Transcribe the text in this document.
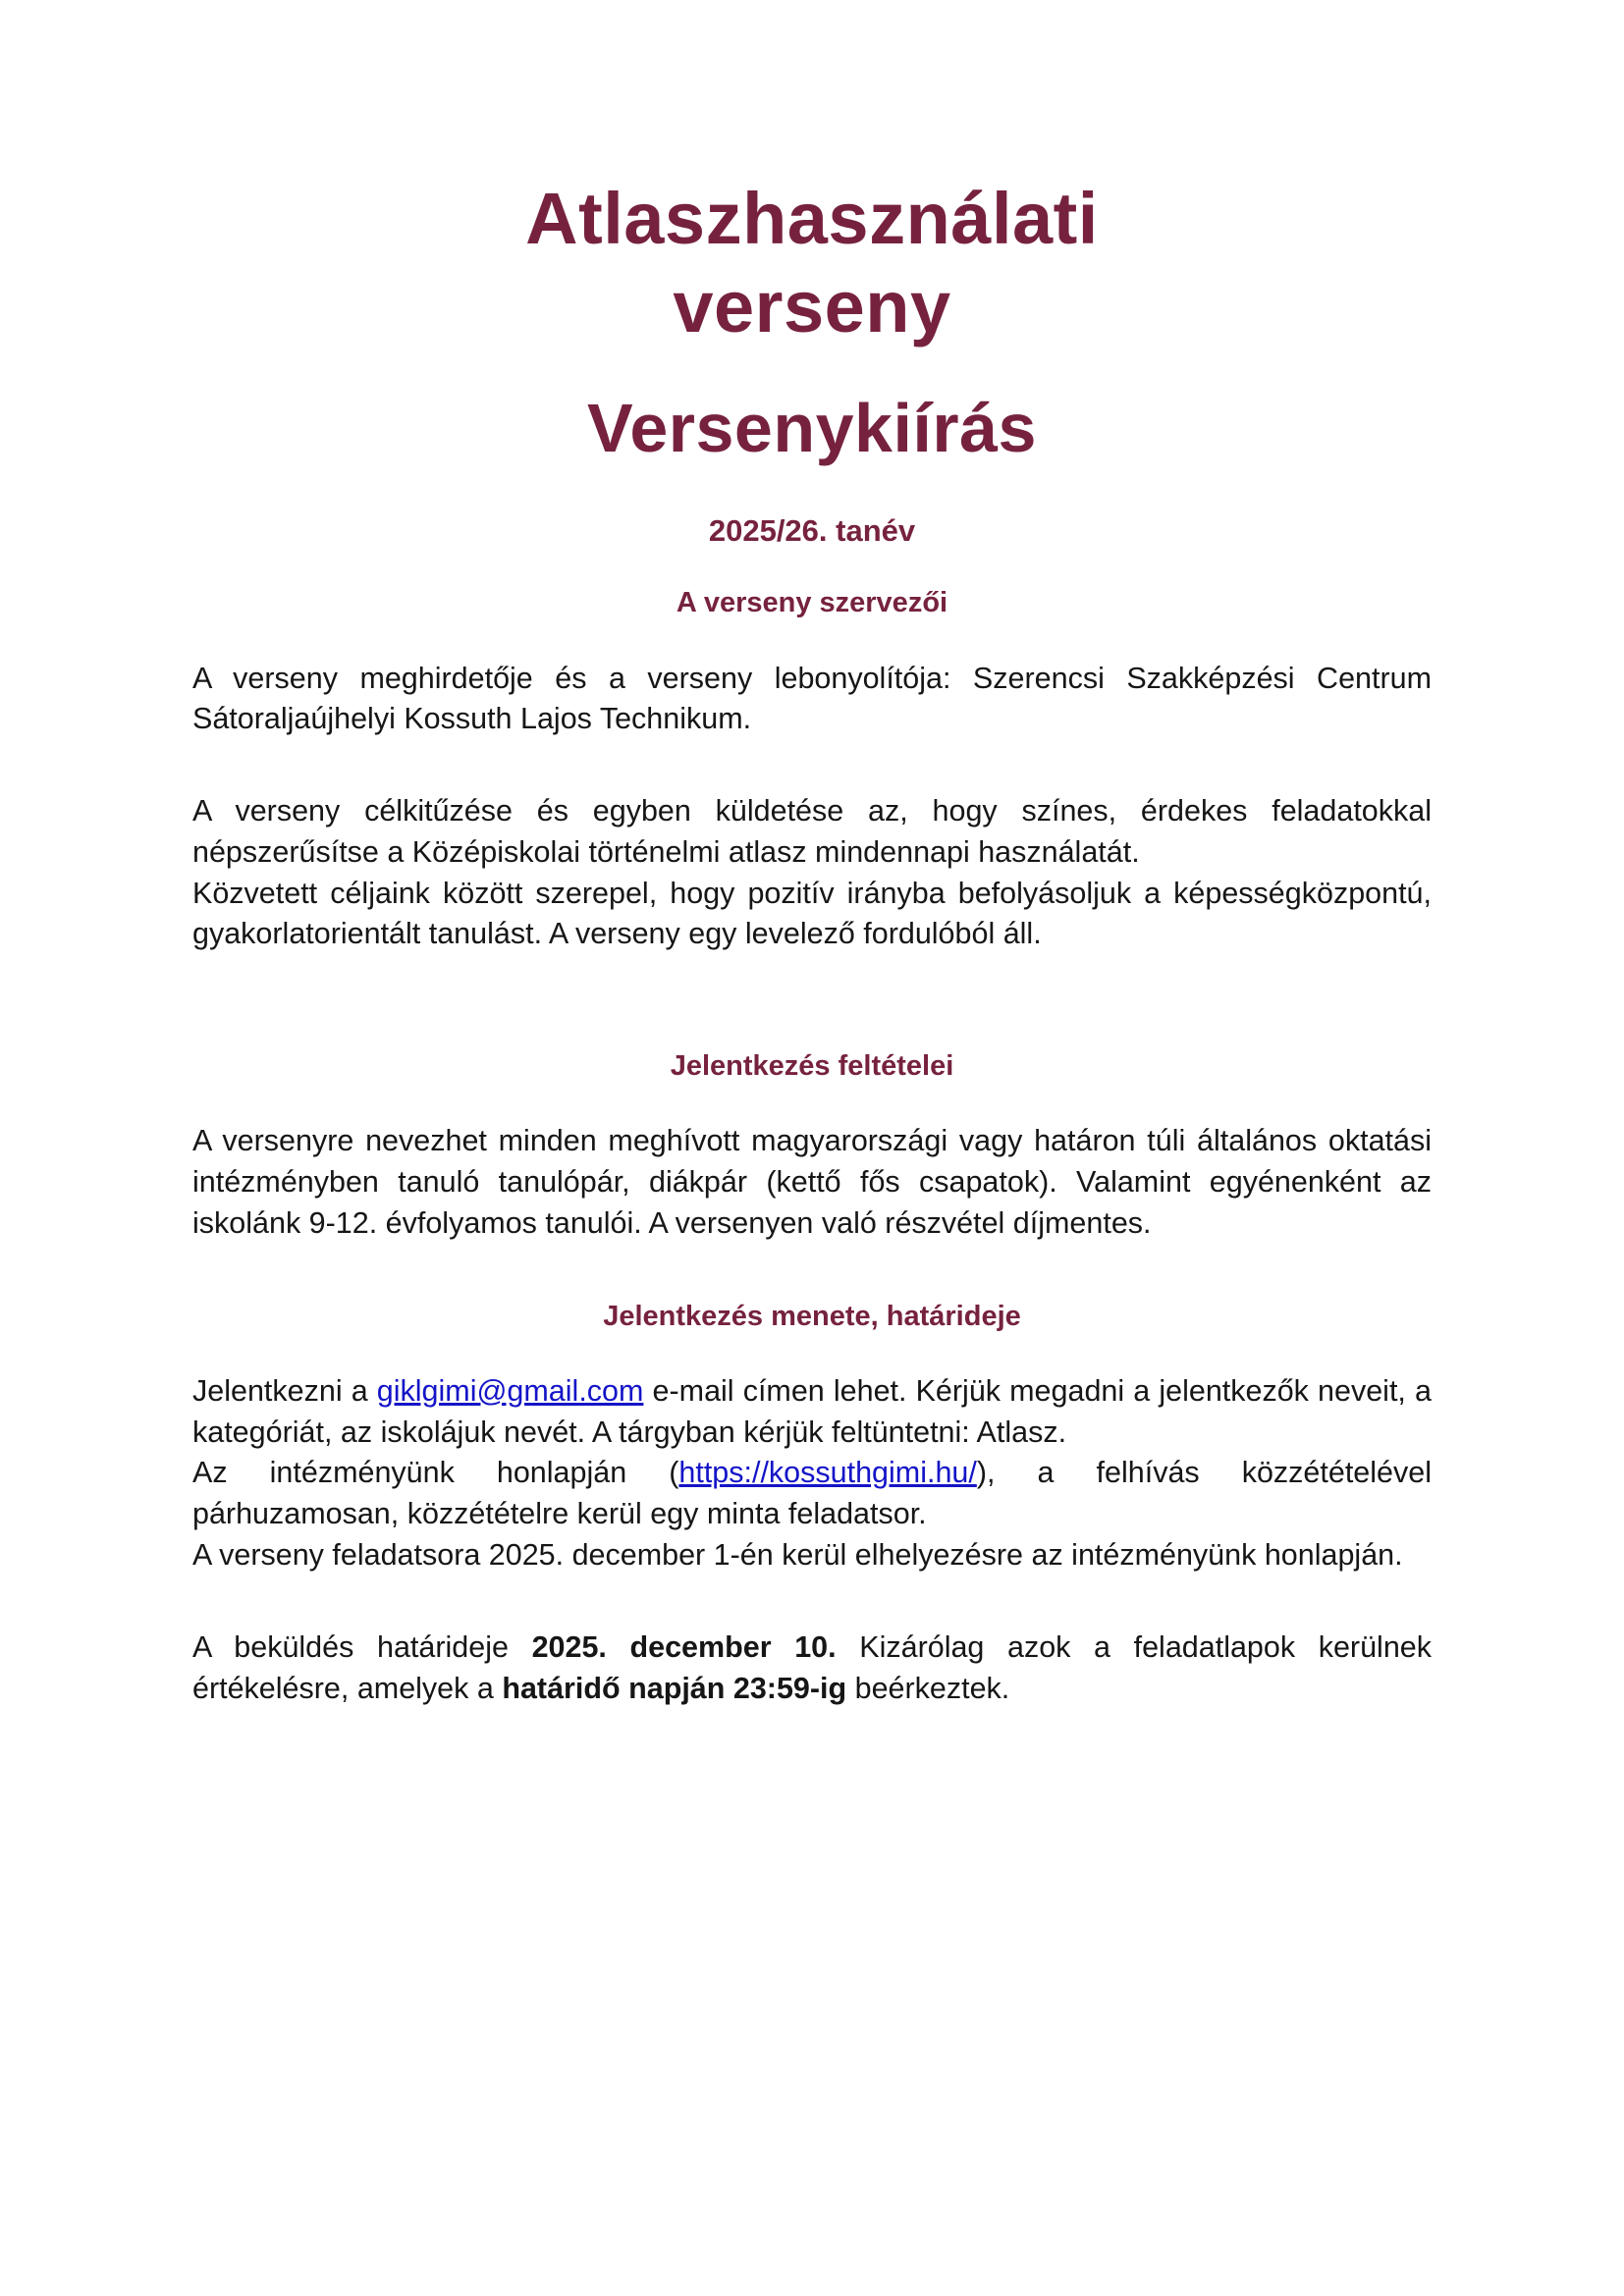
Atlaszhasználati
verseny
Versenykiírás

2025/26. tanév

A verseny szervezői

A verseny meghirdetője és a verseny lebonyolítója: Szerencsi Szakképzési Centrum Sátoraljaújhelyi Kossuth Lajos Technikum.

A verseny célkitűzése és egyben küldetése az, hogy színes, érdekes feladatokkal népszerűsítse a Középiskolai történelmi atlasz mindennapi használatát.

Közvetett céljaink között szerepel, hogy pozitív irányba befolyásoljuk a képességközpontú, gyakorlatorientált tanulást. A verseny egy levelező fordulóból áll.

Jelentkezés feltételei

A versenyre nevezhet minden meghívott magyarországi vagy határon túli általános oktatási intézményben tanuló tanulópár, diákpár (kettő fős csapatok). Valamint egyénenként az iskolánk 9-12. évfolyamos tanulói. A versenyen való részvétel díjmentes.

Jelentkezés menete, határideje

Jelentkezni a giklgimi@gmail.com e-mail címen lehet. Kérjük megadni a jelentkezők neveit, a kategóriát, az iskolájuk nevét. A tárgyban kérjük feltüntetni: Atlasz.

Az intézményünk honlapján (https://kossuthgimi.hu/), a felhívás közzétételével párhuzamosan, közzétételre kerül egy minta feladatsor.

A verseny feladatsora 2025. december 1-én kerül elhelyezésre az intézményünk honlapján.

A beküldés határideje 2025. december 10. Kizárólag azok a feladatlapok kerülnek értékelésre, amelyek a határidő napján 23:59-ig beérkeztek.
